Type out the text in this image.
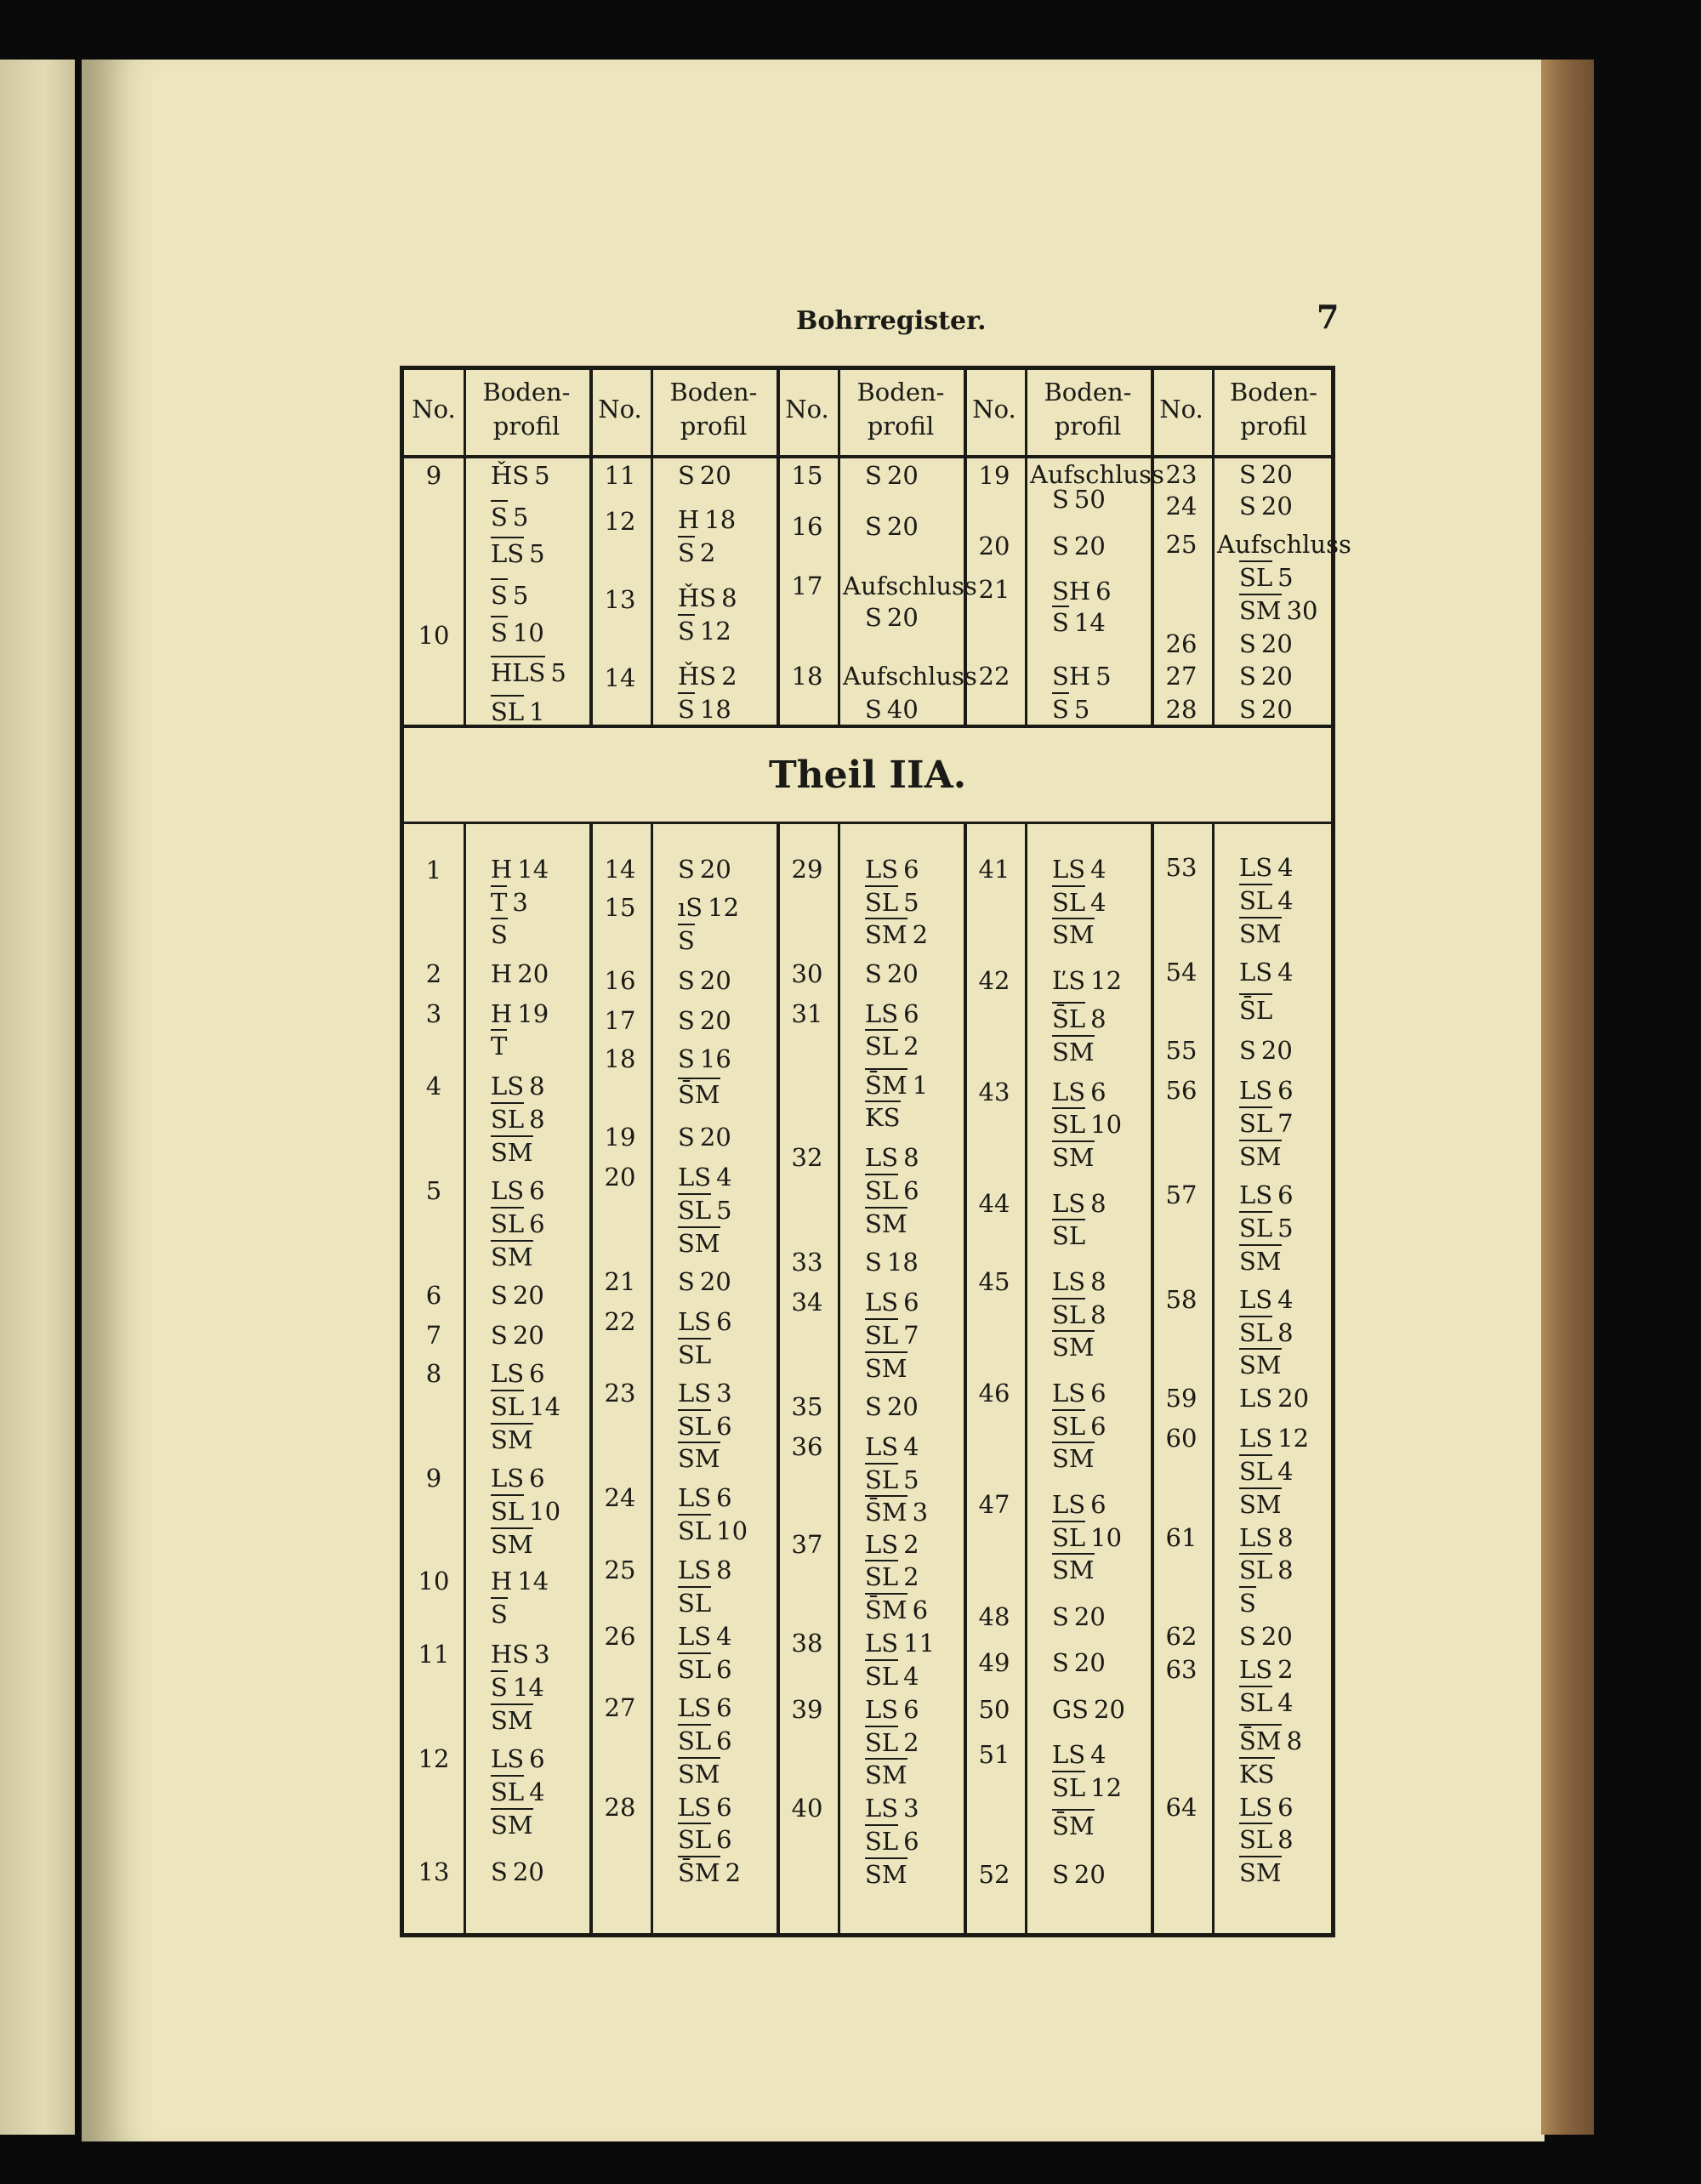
Bohrregister.	7
Theil IIA.
No.
Boden-
profil
No.
Boden-
profil
No.
Boden-
profil
No.
Boden-
profil
No.
Boden-
profil
9
10
ȞS 5
S 5
LS 5
S 5
S 10
HLS 5
SL 1
11
12
13
14
S 20
H 18
S 2
ȞS 8
S 12
ȞS 2
S 18
15
16
17
18
S 20
S 20
Aufschluss
S 20
Aufschluss
S 40
19
20
21
22
Aufschluss
S 50
S 20
SH 6
S 14
SH 5
S 5
23
24
25
26
27
28
S 20
S 20
Aufschluss
SL 5
SM 30
S 20
S 20
S 20
1
2
3
4
5
6
7
8
9
10
11
12
13
H 14
T 3
S
H 20
H 19
T
LS 8
SL 8
SM
LS 6
SL 6
SM
S 20
S 20
LS 6
SL 14
SM
LS 6
SL 10
SM
H 14
S
HS 3
S 14
SM
LS 6
SL 4
SM
S 20
14
15
16
17
18
19
20
21
22
23
24
25
26
27
28
S 20
ıS 12
S
S 20
S 20
S 16
S̄M
S 20
LS 4
SL 5
SM
S 20
LS 6
SL
LS 3
SL 6
SM
LS 6
SL 10
LS 8
SL
LS 4
SL 6
LS 6
SL 6
SM
LS 6
SL 6
S̄M 2
29
30
31
32
33
34
35
36
37
38
39
40
LS 6
SL 5
SM 2
S 20
LS 6
SL 2
S̄M 1
KS
LS 8
SL 6
SM
S 18
LS 6
SL 7
SM
S 20
LS 4
SL 5
S̄M 3
LS 2
SL 2
S̄M 6
LS 11
SL 4
LS 6
SL 2
SM
LS 3
SL 6
SM
41
42
43
44
45
46
47
48
49
50
51
52
LS 4
SL 4
SM
ĽS 12
S̄L 8
SM
LS 6
SL 10
SM
LS 8
SL
LS 8
SL 8
SM
LS 6
SL 6
SM
LS 6
SL 10
SM
S 20
S 20
GS 20
LS 4
SL 12
S̄M
S 20
53
54
55
56
57
58
59
60
61
62
63
64
LS 4
SL 4
SM
LS 4
S̄L
S 20
LS 6
SL 7
SM
LS 6
SL 5
SM
LS 4
SL 8
SM
LS 20
LS 12
SL 4
SM
LS 8
SL 8
S
S 20
LS 2
SL 4
S̄M 8
KS
LS 6
SL 8
SM
